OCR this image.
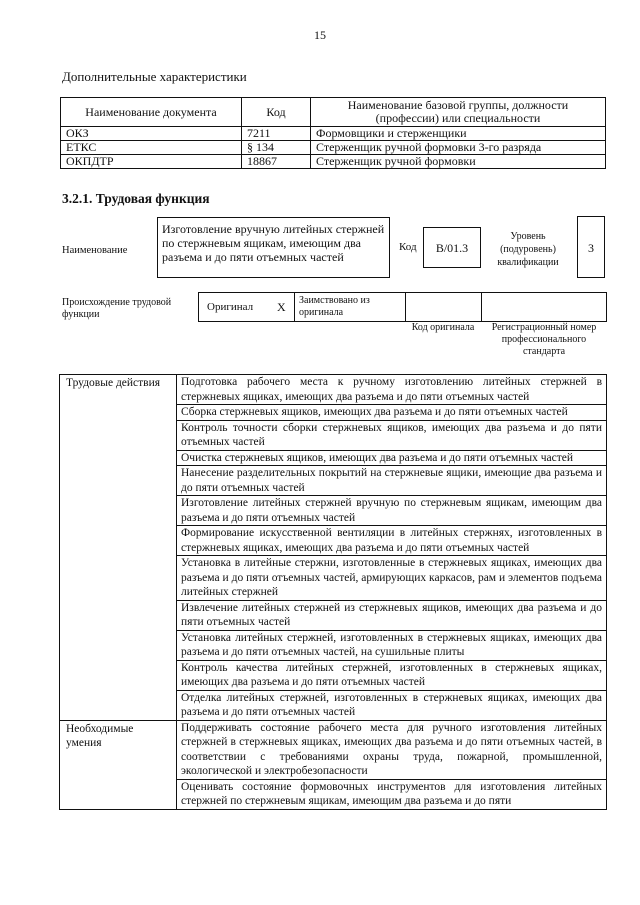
15
Дополнительные характеристики
Наименование документа	Код	Наименование базовой группы, должности (профессии) или специальности
ОКЗ	7211	Формовщики и стерженщики
ЕТКС	§ 134	Стерженщик ручной формовки 3-го разряда
ОКПДТР	18867	Стерженщик ручной формовки
3.2.1. Трудовая функция
Наименование
Изготовление вручную литейных стержней по стержневым ящикам, имеющим два разъема и до пяти отъемных частей
Код	B/01.3
Уровень (подуровень) квалификации
3
Происхождение трудовой функции
Оригинал X Заимствовано из оригинала
Код оригинала	Регистрационный номер профессионального стандарта
Трудовые действия	Подготовка рабочего места к ручному изготовлению литейных стержней в стержневых ящиках, имеющих два разъема и до пяти отъемных частей
	Сборка стержневых ящиков, имеющих два разъема и до пяти отъемных частей
	Контроль точности сборки стержневых ящиков, имеющих два разъема и до пяти отъемных частей
	Очистка стержневых ящиков, имеющих два разъема и до пяти отъемных частей
	Нанесение разделительных покрытий на стержневые ящики, имеющие два разъема и до пяти отъемных частей
	Изготовление литейных стержней вручную по стержневым ящикам, имеющим два разъема и до пяти отъемных частей
	Формирование искусственной вентиляции в литейных стержнях, изготовленных в стержневых ящиках, имеющих два разъема и до пяти отъемных частей
	Установка в литейные стержни, изготовленные в стержневых ящиках, имеющих два разъема и до пяти отъемных частей, армирующих каркасов, рам и элементов подъема литейных стержней
	Извлечение литейных стержней из стержневых ящиков, имеющих два разъема и до пяти отъемных частей
	Установка литейных стержней, изготовленных в стержневых ящиках, имеющих два разъема и до пяти отъемных частей, на сушильные плиты
	Контроль качества литейных стержней, изготовленных в стержневых ящиках, имеющих два разъема и до пяти отъемных частей
	Отделка литейных стержней, изготовленных в стержневых ящиках, имеющих два разъема и до пяти отъемных частей
Необходимые умения	Поддерживать состояние рабочего места для ручного изготовления литейных стержней в стержневых ящиках, имеющих два разъема и до пяти отъемных частей, в соответствии с требованиями охраны труда, пожарной, промышленной, экологической и электробезопасности
	Оценивать состояние формовочных инструментов для изготовления литейных стержней по стержневым ящикам, имеющим два разъема и до пяти
